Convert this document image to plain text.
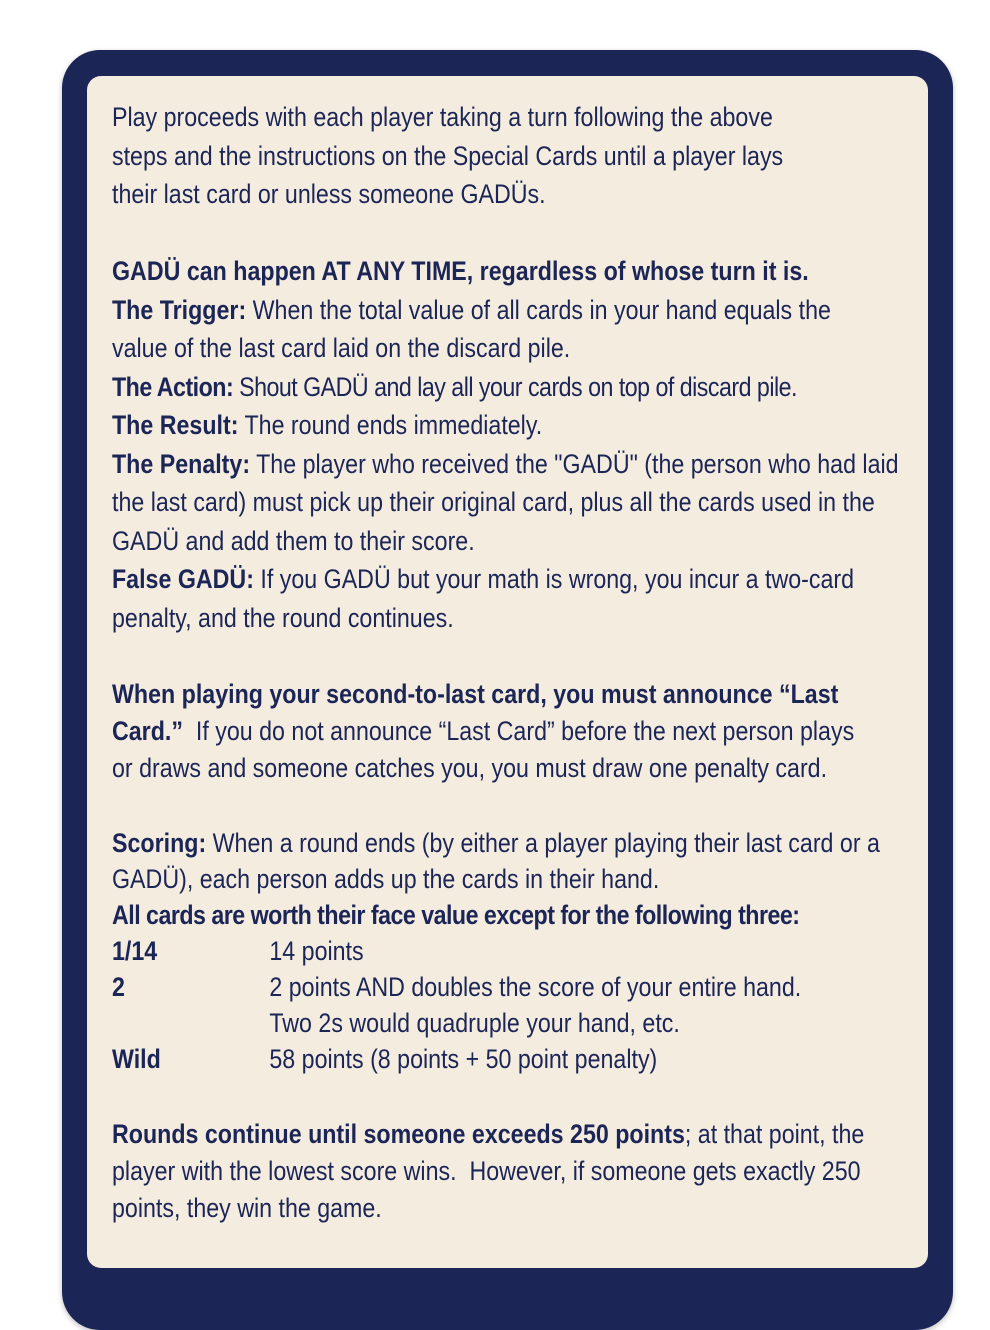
Play proceeds with each player taking a turn following the above steps and the instructions on the Special Cards until a player lays their last card or unless someone GADÜs.

GADÜ can happen AT ANY TIME, regardless of whose turn it is.

The Trigger: When the total value of all cards in your hand equals the value of the last card laid on the discard pile.

The Action: Shout GADÜ and lay all your cards on top of discard pile.

The Result: The round ends immediately.

The Penalty: The player who received the "GADÜ" (the person who had laid the last card) must pick up their original card, plus all the cards used in the GADÜ and add them to their score.

False GADÜ: If you GADÜ but your math is wrong, you incur a two-card penalty, and the round continues.

When playing your second-to-last card, you must announce “Last Card.”  If you do not announce “Last Card” before the next person plays or draws and someone catches you, you must draw one penalty card.

Scoring: When a round ends (by either a player playing their last card or a GADÜ), each person adds up the cards in their hand.

All cards are worth their face value except for the following three:

1/14	14 points
2	2 points AND doubles the score of your entire hand.  Two 2s would quadruple your hand, etc.
Wild	58 points (8 points + 50 point penalty)

Rounds continue until someone exceeds 250 points; at that point, the player with the lowest score wins.  However, if someone gets exactly 250 points, they win the game.
